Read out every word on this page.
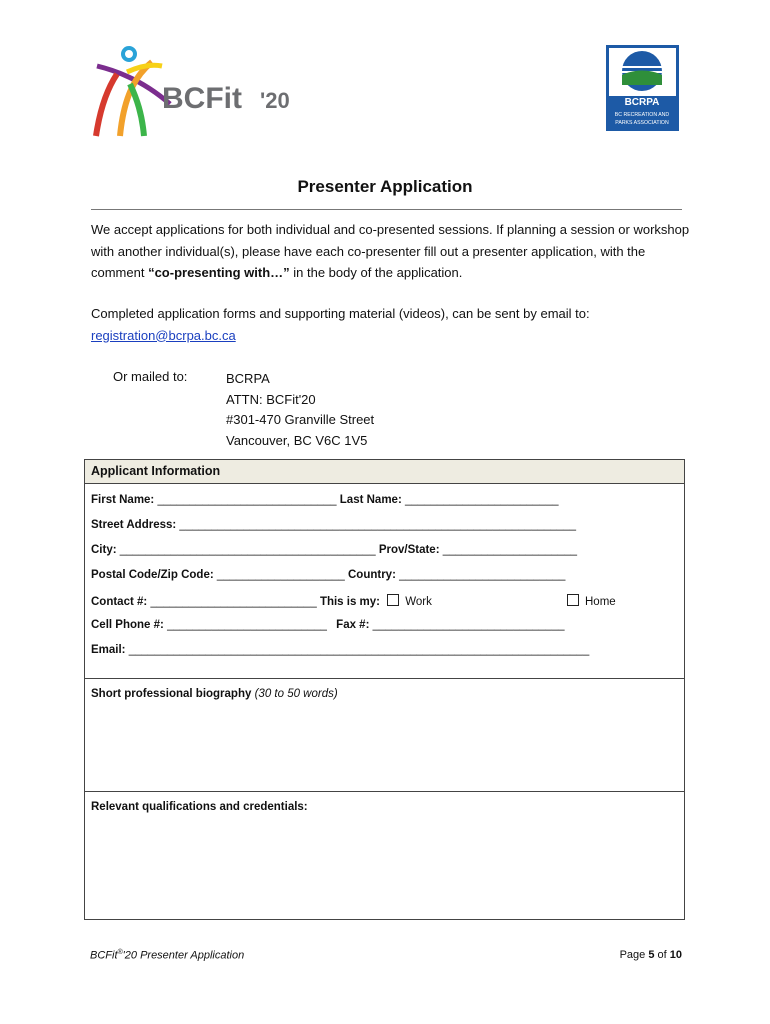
BCFit '20	BCRPA
BC RECREATION AND
PARKS ASSOCIATION
Presenter Application
We accept applications for both individual and co-presented sessions. If planning a session or workshop with another individual(s), please have each co-presenter fill out a presenter application, with the comment “co-presenting with…” in the body of the application.
Completed application forms and supporting material (videos), can be sent by email to:
registration@bcrpa.bc.ca
Or mailed to:	BCRPA
ATTN: BCFit'20
#301-470 Granville Street
Vancouver, BC V6C 1V5
Applicant Information
First Name: ____________________________ Last Name: ________________________
Street Address: ______________________________________________________________
City: ________________________________________ Prov/State: _____________________
Postal Code/Zip Code: ____________________ Country: __________________________
Contact #: __________________________ This is my: Work	Home
Cell Phone #: _________________________ Fax #: ______________________________
Email: ________________________________________________________________________
Short professional biography (30 to 50 words)
Relevant qualifications and credentials:
BCFit®'20 Presenter Application	Page 5 of 10
